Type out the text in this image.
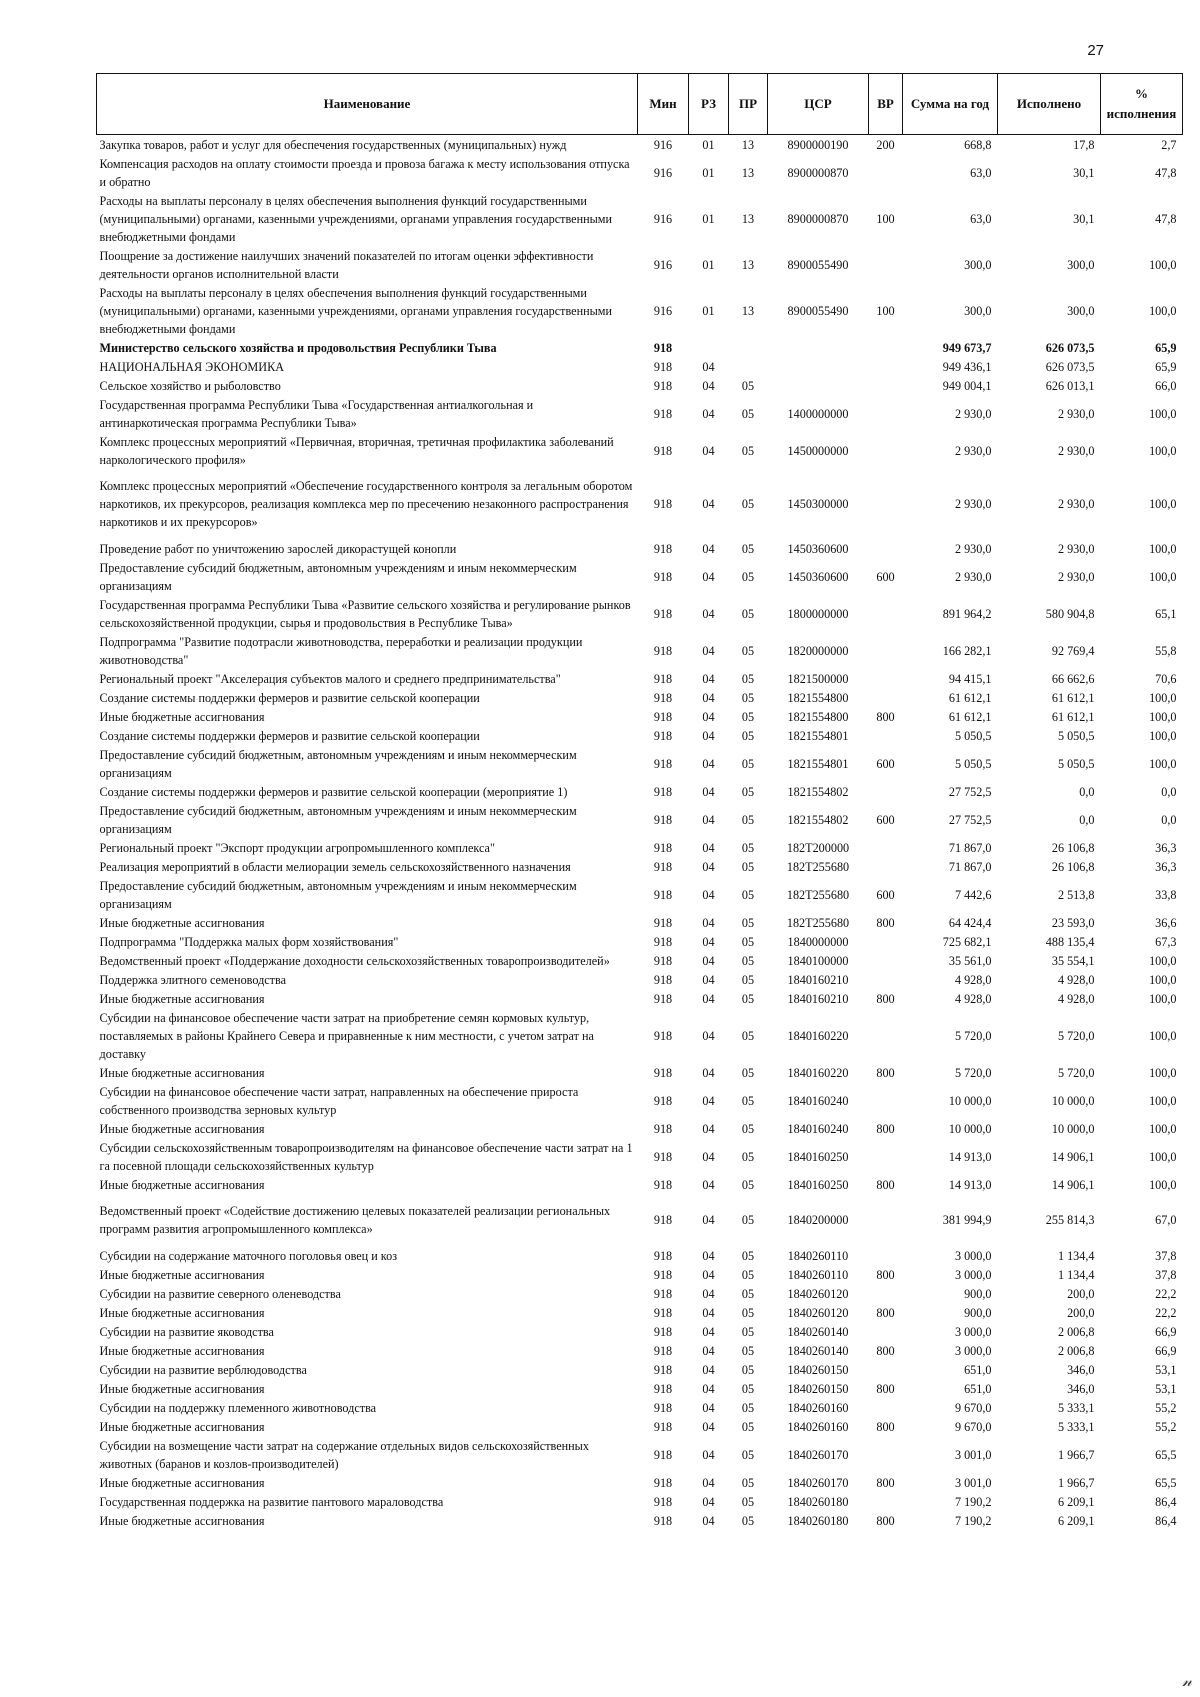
27
Наименование	Мин	РЗ	ПР	ЦСР	ВР	Сумма на год	Исполнено	% исполнения
Закупка товаров, работ и услуг для обеспечения государственных (муниципальных) нужд	916	01	13	8900000190	200	668,8	17,8	2,7
Компенсация расходов на оплату стоимости проезда и провоза багажа к месту использования отпуска и обратно	916	01	13	8900000870		63,0	30,1	47,8
Расходы на выплаты персоналу в целях обеспечения выполнения функций государственными (муниципальными) органами, казенными учреждениями, органами управления государственными внебюджетными фондами	916	01	13	8900000870	100	63,0	30,1	47,8
Поощрение за достижение наилучших значений показателей по итогам оценки эффективности деятельности органов исполнительной власти	916	01	13	8900055490		300,0	300,0	100,0
Расходы на выплаты персоналу в целях обеспечения выполнения функций государственными (муниципальными) органами, казенными учреждениями, органами управления государственными внебюджетными фондами	916	01	13	8900055490	100	300,0	300,0	100,0
Министерство сельского хозяйства и продовольствия Республики Тыва	918					949 673,7	626 073,5	65,9
НАЦИОНАЛЬНАЯ ЭКОНОМИКА	918	04				949 436,1	626 073,5	65,9
Сельское хозяйство и рыболовство	918	04	05			949 004,1	626 013,1	66,0
Государственная программа Республики Тыва «Государственная антиалкогольная и антинаркотическая программа Республики Тыва»	918	04	05	1400000000		2 930,0	2 930,0	100,0
Комплекс процессных мероприятий «Первичная, вторичная, третичная профилактика заболеваний наркологического профиля»	918	04	05	1450000000		2 930,0	2 930,0	100,0
Комплекс процессных мероприятий «Обеспечение государственного контроля за легальным оборотом наркотиков, их прекурсоров, реализация комплекса мер по пресечению незаконного распространения наркотиков и их прекурсоров»	918	04	05	1450300000		2 930,0	2 930,0	100,0
Проведение работ по уничтожению зарослей дикорастущей конопли	918	04	05	1450360600		2 930,0	2 930,0	100,0
Предоставление субсидий бюджетным, автономным учреждениям и иным некоммерческим организациям	918	04	05	1450360600	600	2 930,0	2 930,0	100,0
Государственная программа Республики Тыва «Развитие сельского хозяйства и регулирование рынков сельскохозяйственной продукции, сырья и продовольствия в Республике Тыва»	918	04	05	1800000000		891 964,2	580 904,8	65,1
Подпрограмма "Развитие подотрасли животноводства, переработки и реализации продукции животноводства"	918	04	05	1820000000		166 282,1	92 769,4	55,8
Региональный проект "Акселерация субъектов малого и среднего предпринимательства"	918	04	05	1821500000		94 415,1	66 662,6	70,6
Создание системы поддержки фермеров и развитие сельской кооперации	918	04	05	1821554800		61 612,1	61 612,1	100,0
Иные бюджетные ассигнования	918	04	05	1821554800	800	61 612,1	61 612,1	100,0
Создание системы поддержки фермеров и развитие сельской кооперации	918	04	05	1821554801		5 050,5	5 050,5	100,0
Предоставление субсидий бюджетным, автономным учреждениям и иным некоммерческим организациям	918	04	05	1821554801	600	5 050,5	5 050,5	100,0
Создание системы поддержки фермеров и развитие сельской кооперации (мероприятие 1)	918	04	05	1821554802		27 752,5	0,0	0,0
Предоставление субсидий бюджетным, автономным учреждениям и иным некоммерческим организациям	918	04	05	1821554802	600	27 752,5	0,0	0,0
Региональный проект "Экспорт продукции агропромышленного комплекса"	918	04	05	182T200000		71 867,0	26 106,8	36,3
Реализация мероприятий в области мелиорации земель сельскохозяйственного назначения	918	04	05	182T255680		71 867,0	26 106,8	36,3
Предоставление субсидий бюджетным, автономным учреждениям и иным некоммерческим организациям	918	04	05	182T255680	600	7 442,6	2 513,8	33,8
Иные бюджетные ассигнования	918	04	05	182T255680	800	64 424,4	23 593,0	36,6
Подпрограмма "Поддержка малых форм хозяйствования"	918	04	05	1840000000		725 682,1	488 135,4	67,3
Ведомственный проект «Поддержание доходности сельскохозяйственных товаропроизводителей»	918	04	05	1840100000		35 561,0	35 554,1	100,0
Поддержка элитного семеноводства	918	04	05	1840160210		4 928,0	4 928,0	100,0
Иные бюджетные ассигнования	918	04	05	1840160210	800	4 928,0	4 928,0	100,0
Субсидии на финансовое обеспечение части затрат на приобретение семян кормовых культур, поставляемых в районы Крайнего Севера и приравненные к ним местности, с учетом затрат на доставку	918	04	05	1840160220		5 720,0	5 720,0	100,0
Иные бюджетные ассигнования	918	04	05	1840160220	800	5 720,0	5 720,0	100,0
Субсидии на финансовое обеспечение части затрат, направленных на обеспечение прироста собственного производства зерновых культур	918	04	05	1840160240		10 000,0	10 000,0	100,0
Иные бюджетные ассигнования	918	04	05	1840160240	800	10 000,0	10 000,0	100,0
Субсидии сельскохозяйственным товаропроизводителям на финансовое обеспечение части затрат на 1 га посевной площади сельскохозяйственных культур	918	04	05	1840160250		14 913,0	14 906,1	100,0
Иные бюджетные ассигнования	918	04	05	1840160250	800	14 913,0	14 906,1	100,0
Ведомственный проект «Содействие достижению целевых показателей реализации региональных программ развития агропромышленного комплекса»	918	04	05	1840200000		381 994,9	255 814,3	67,0
Субсидии на содержание маточного поголовья овец и коз	918	04	05	1840260110		3 000,0	1 134,4	37,8
Иные бюджетные ассигнования	918	04	05	1840260110	800	3 000,0	1 134,4	37,8
Субсидии на развитие северного оленеводства	918	04	05	1840260120		900,0	200,0	22,2
Иные бюджетные ассигнования	918	04	05	1840260120	800	900,0	200,0	22,2
Субсидии на развитие яководства	918	04	05	1840260140		3 000,0	2 006,8	66,9
Иные бюджетные ассигнования	918	04	05	1840260140	800	3 000,0	2 006,8	66,9
Субсидии на развитие верблюдоводства	918	04	05	1840260150		651,0	346,0	53,1
Иные бюджетные ассигнования	918	04	05	1840260150	800	651,0	346,0	53,1
Субсидии на поддержку племенного животноводства	918	04	05	1840260160		9 670,0	5 333,1	55,2
Иные бюджетные ассигнования	918	04	05	1840260160	800	9 670,0	5 333,1	55,2
Субсидии на возмещение части затрат на содержание отдельных видов сельскохозяйственных животных (баранов и козлов-производителей)	918	04	05	1840260170		3 001,0	1 966,7	65,5
Иные бюджетные ассигнования	918	04	05	1840260170	800	3 001,0	1 966,7	65,5
Государственная поддержка на развитие пантового мараловодства	918	04	05	1840260180		7 190,2	6 209,1	86,4
Иные бюджетные ассигнования	918	04	05	1840260180	800	7 190,2	6 209,1	86,4
𝓃
